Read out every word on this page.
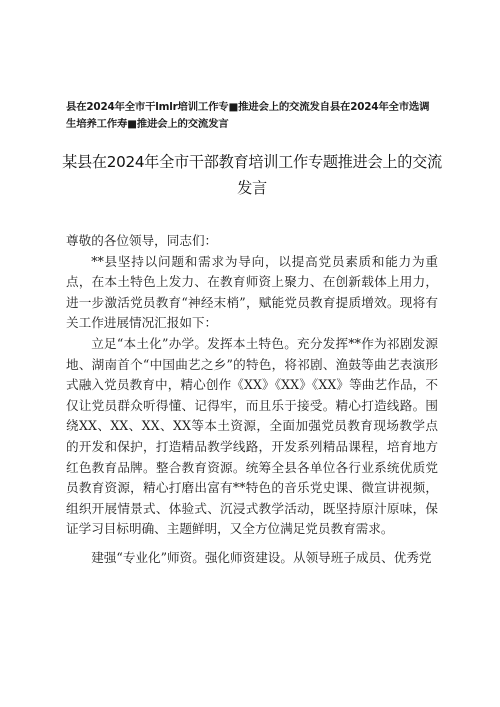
县在2024年全市干lmlr培训工作专■推进会上的交流发自县在2024年全市选调生培养工作寿■推进会上的交流发言
某县在2024年全市干部教育培训工作专题推进会上的交流发言

尊敬的各位领导，同志们：

**县坚持以问题和需求为导向，以提高党员素质和能力为重点，在本土特色上发力、在教育师资上聚力、在创新载体上用力，进一步激活党员教育“神经末梢”，赋能党员教育提质增效。现将有关工作进展情况汇报如下：

立足“本土化”办学。发挥本土特色。充分发挥**作为祁剧发源地、湖南首个“中国曲艺之乡”的特色，将祁剧、渔鼓等曲艺表演形式融入党员教育中，精心创作《XX》《XX》《XX》等曲艺作品，不仅让党员群众听得懂、记得牢，而且乐于接受。精心打造线路。围绕XX、XX、XX、XX等本土资源，全面加强党员教育现场教学点的开发和保护，打造精品教学线路，开发系列精品课程，培育地方红色教育品牌。整合教育资源。统筹全县各单位各行业系统优质党员教育资源，精心打磨出富有**特色的音乐党史课、微宣讲视频，组织开展情景式、体验式、沉浸式教学活动，既坚持原汁原味，保证学习目标明确、主题鲜明，又全方位满足党员教育需求。

建强“专业化”师资。强化师资建设。从领导班子成员、优秀党
